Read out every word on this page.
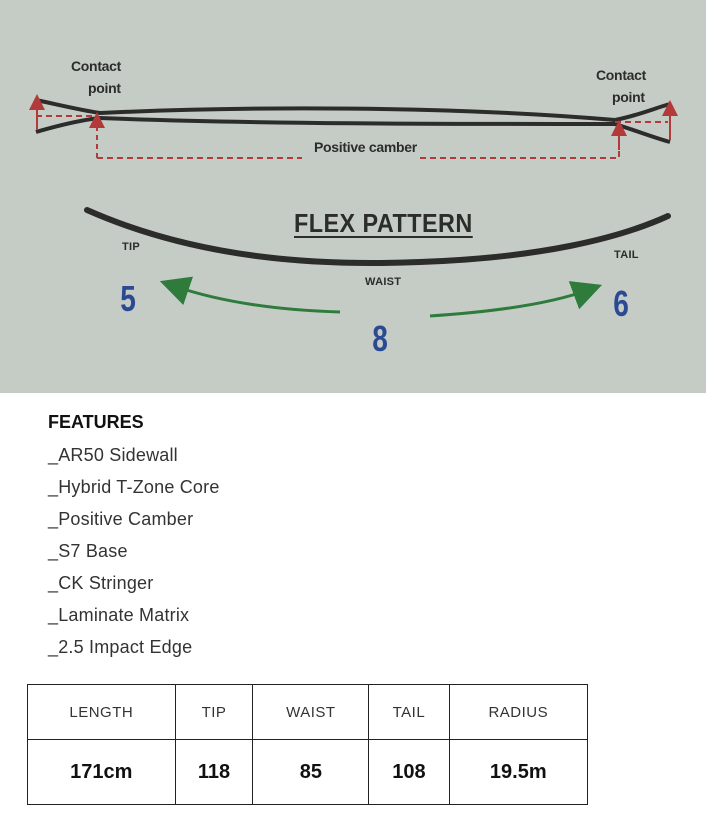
Contact
point
Contact
point
Positive camber
FLEX PATTERN
TIP
WAIST
TAIL
5
8
6
FEATURES
_AR50 Sidewall
_Hybrid T-Zone Core
_Positive Camber
_S7 Base
_CK Stringer
_Laminate Matrix
_2.5 Impact Edge
LENGTH	TIP	WAIST	TAIL	RADIUS
171cm	118	85	108	19.5m
